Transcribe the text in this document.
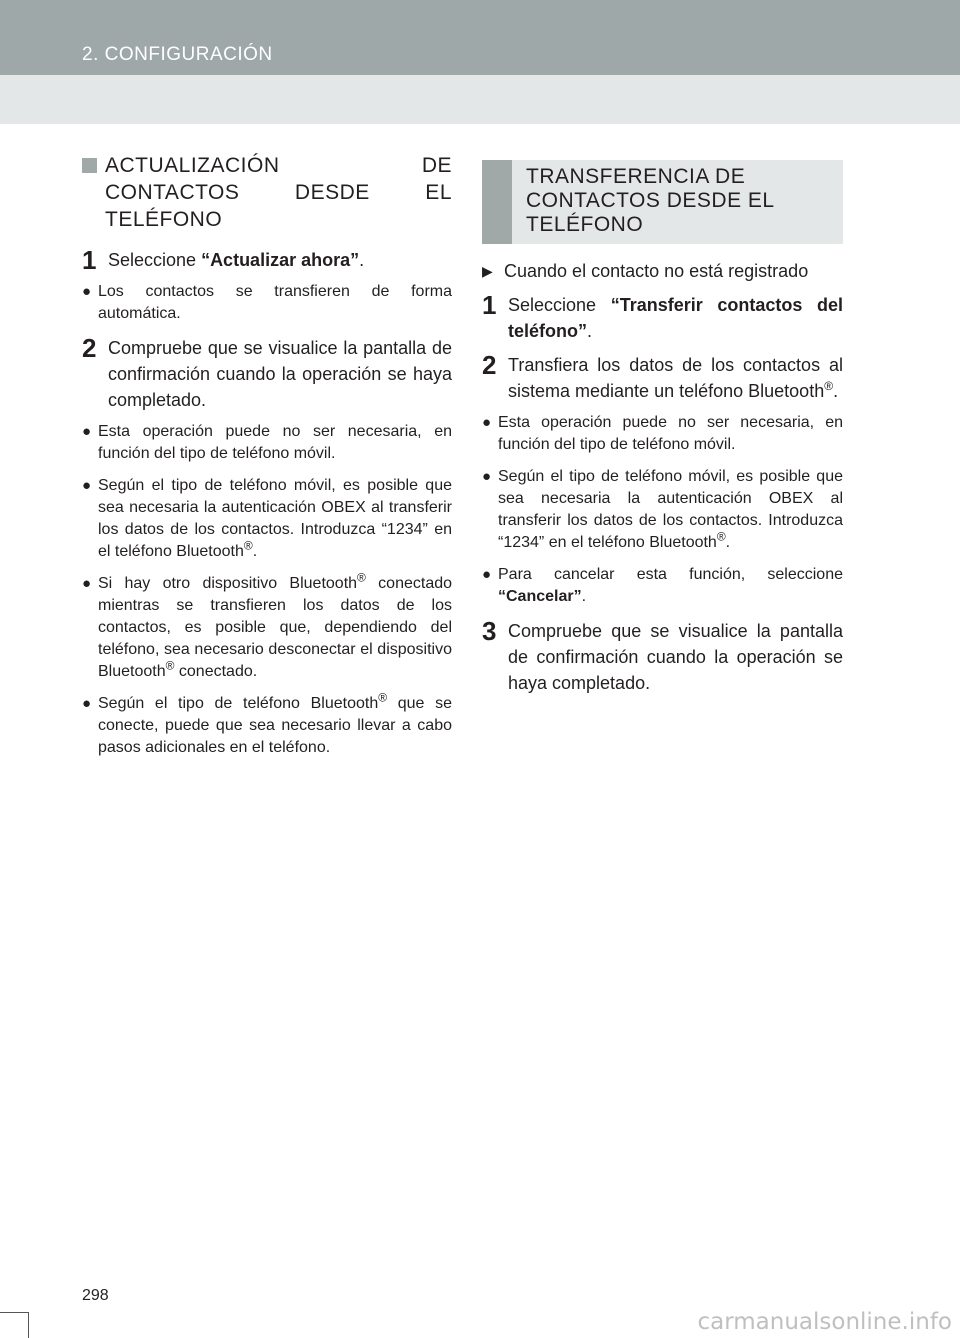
2. CONFIGURACIÓN
ACTUALIZACIÓN DE CONTACTOS DESDE EL TELÉFONO
1 Seleccione “Actualizar ahora”.
● Los contactos se transfieren de forma automática.
2 Compruebe que se visualice la pantalla de confirmación cuando la operación se haya completado.
● Esta operación puede no ser necesaria, en función del tipo de teléfono móvil.
● Según el tipo de teléfono móvil, es posible que sea necesaria la autenticación OBEX al transferir los datos de los contactos. Introduzca “1234” en el teléfono Bluetooth®.
● Si hay otro dispositivo Bluetooth® conectado mientras se transfieren los datos de los contactos, es posible que, dependiendo del teléfono, sea necesario desconectar el dispositivo Bluetooth® conectado.
● Según el tipo de teléfono Bluetooth® que se conecte, puede que sea necesario llevar a cabo pasos adicionales en el teléfono.
TRANSFERENCIA DE CONTACTOS DESDE EL TELÉFONO
▶ Cuando el contacto no está registrado
1 Seleccione “Transferir contactos del teléfono”.
2 Transfiera los datos de los contactos al sistema mediante un teléfono Bluetooth®.
● Esta operación puede no ser necesaria, en función del tipo de teléfono móvil.
● Según el tipo de teléfono móvil, es posible que sea necesaria la autenticación OBEX al transferir los datos de los contactos. Introduzca “1234” en el teléfono Bluetooth®.
● Para cancelar esta función, seleccione “Cancelar”.
3 Compruebe que se visualice la pantalla de confirmación cuando la operación se haya completado.
298
carmanualsonline.info
